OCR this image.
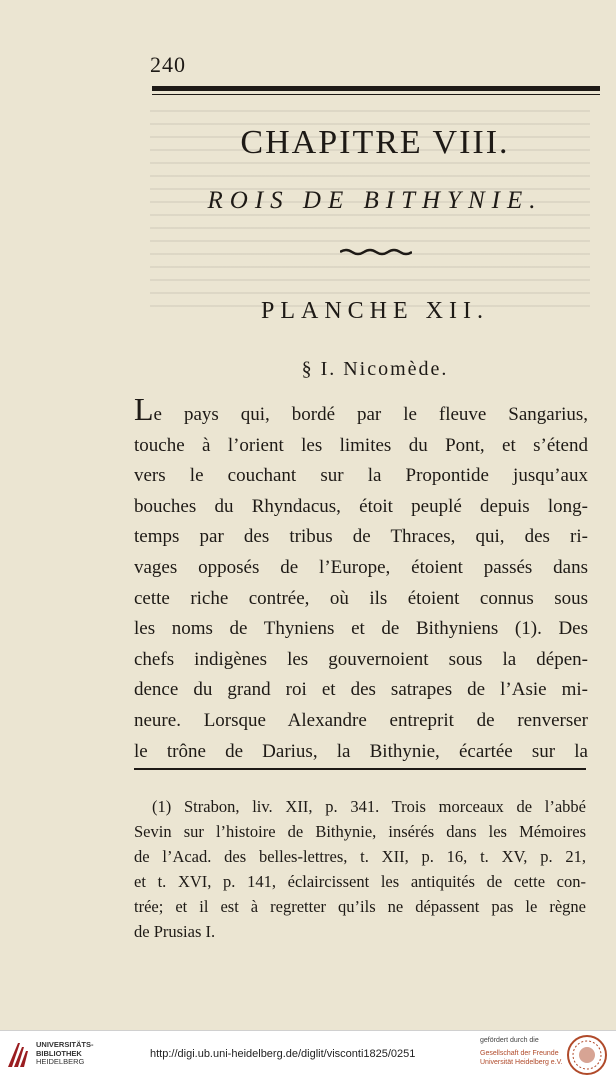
240
CHAPITRE VIII.
ROIS DE BITHYNIE.
PLANCHE XII.
§ I. Nicomède.
Le pays qui, bordé par le fleuve Sangarius,
touche à l’orient les limites du Pont, et s’étend
vers le couchant sur la Propontide jusqu’aux
bouches du Rhyndacus, étoit peuplé depuis long-
temps par des tribus de Thraces, qui, des ri-
vages opposés de l’Europe, étoient passés dans
cette riche contrée, où ils étoient connus sous
les noms de Thyniens et de Bithyniens (1). Des
chefs indigènes les gouvernoient sous la dépen-
dence du grand roi et des satrapes de l’Asie mi-
neure. Lorsque Alexandre entreprit de renverser
le trône de Darius, la Bithynie, écartée sur la
(1) Strabon, liv. XII, p. 341. Trois morceaux de l’abbé
Sevin sur l’histoire de Bithynie, insérés dans les Mémoires
de l’Acad. des belles-lettres, t. XII, p. 16, t. XV, p. 21,
et t. XVI, p. 141, éclaircissent les antiquités de cette con-
trée; et il est à regretter qu’ils ne dépassent pas le règne
de Prusias I.
UNIVERSITÄTS-
BIBLIOTHEK
HEIDELBERG
http://digi.ub.uni-heidelberg.de/diglit/visconti1825/0251
gefördert durch die
Gesellschaft der Freunde
Universität Heidelberg e.V.
